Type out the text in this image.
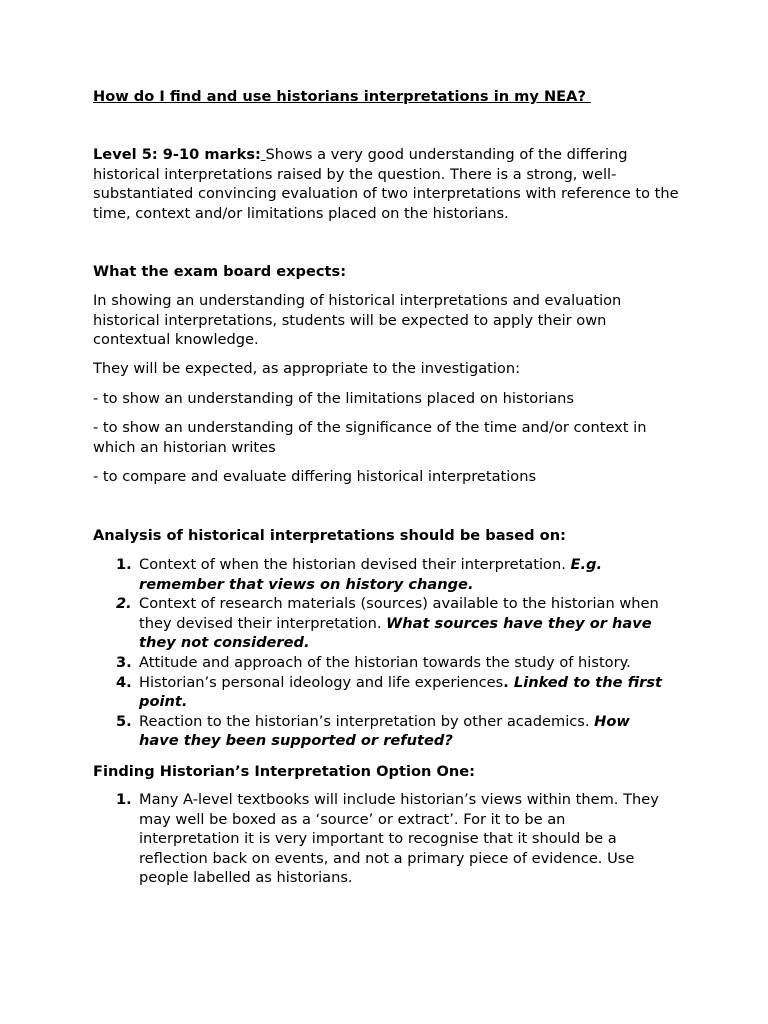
How do I find and use historians interpretations in my NEA?

Level 5: 9-10 marks: Shows a very good understanding of the differing historical interpretations raised by the question. There is a strong, well-substantiated convincing evaluation of two interpretations with reference to the time, context and/or limitations placed on the historians.

What the exam board expects:

In showing an understanding of historical interpretations and evaluation historical interpretations, students will be expected to apply their own contextual knowledge.

They will be expected, as appropriate to the investigation:

- to show an understanding of the limitations placed on historians

- to show an understanding of the significance of the time and/or context in which an historian writes

- to compare and evaluate differing historical interpretations

Analysis of historical interpretations should be based on:

1. Context of when the historian devised their interpretation. E.g. remember that views on history change.
2. Context of research materials (sources) available to the historian when they devised their interpretation. What sources have they or have they not considered.
3. Attitude and approach of the historian towards the study of history.
4. Historian’s personal ideology and life experiences. Linked to the first point.
5. Reaction to the historian’s interpretation by other academics. How have they been supported or refuted?

Finding Historian’s Interpretation Option One:

1. Many A-level textbooks will include historian’s views within them. They may well be boxed as a ‘source’ or extract’. For it to be an interpretation it is very important to recognise that it should be a reflection back on events, and not a primary piece of evidence. Use people labelled as historians.
